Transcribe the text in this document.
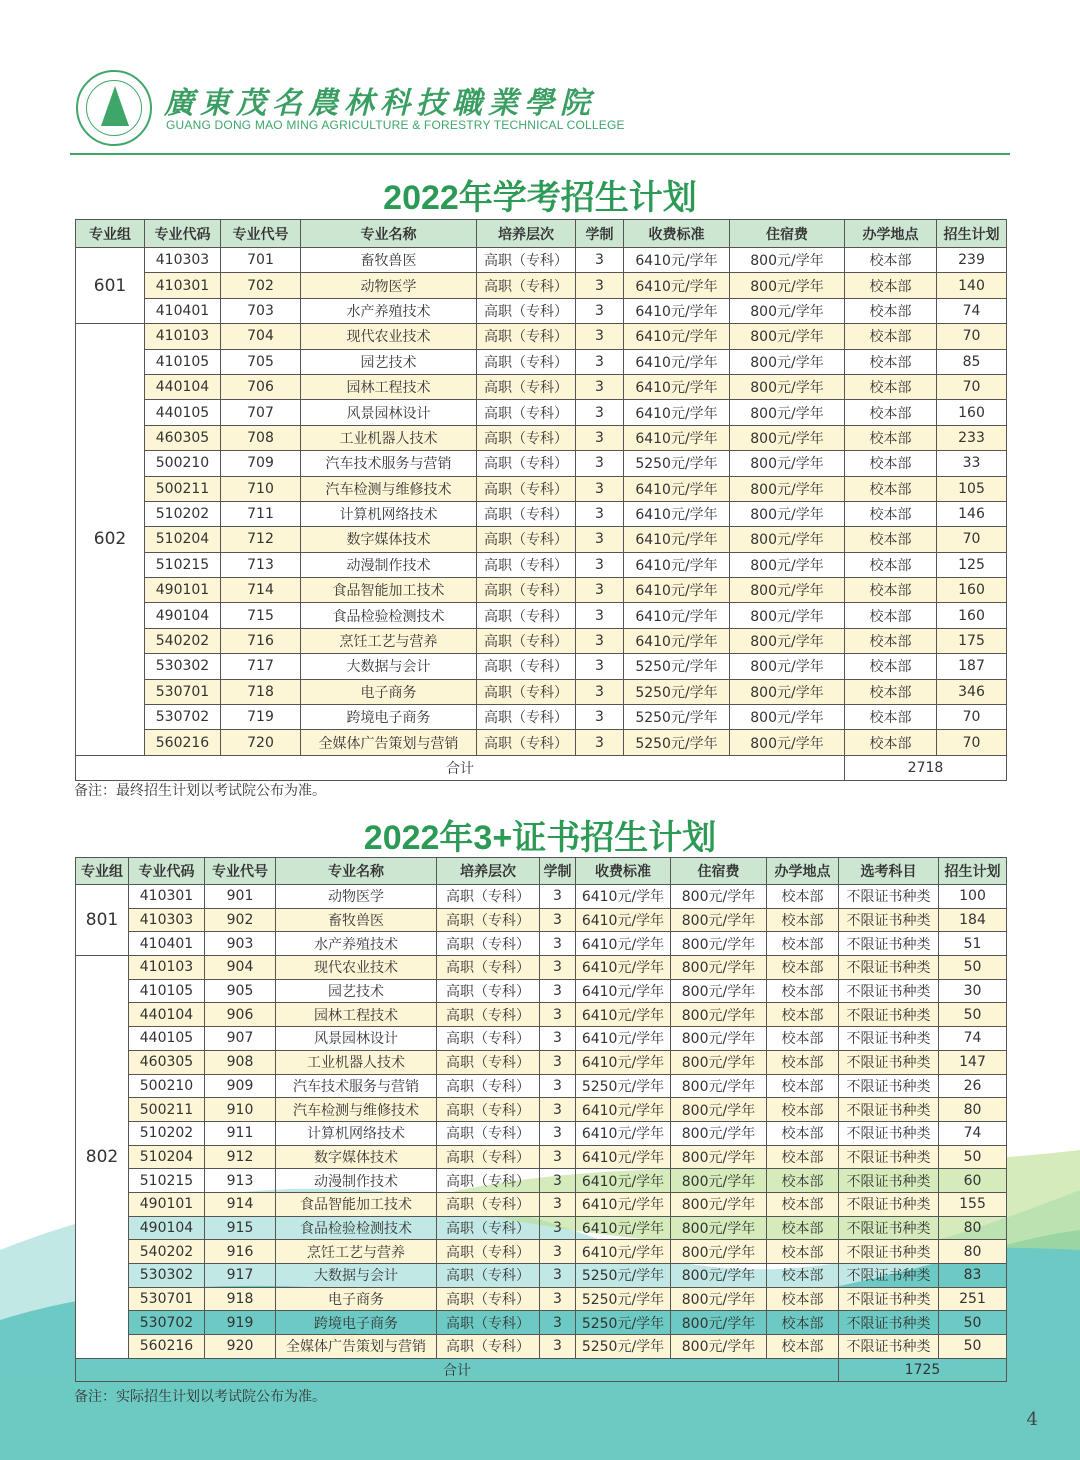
廣東茂名農林科技職業學院
GUANG DONG MAO MING AGRICULTURE & FORESTRY TECHNICAL COLLEGE
2022年学考招生计划
专业组	专业代码	专业代号	专业名称	培养层次	学制	收费标准	住宿费	办学地点	招生计划
601	410303	701	畜牧兽医	高职（专科）	3	6410元/学年	800元/学年	校本部	239
	410301	702	动物医学	高职（专科）	3	6410元/学年	800元/学年	校本部	140
	410401	703	水产养殖技术	高职（专科）	3	6410元/学年	800元/学年	校本部	74
602	410103	704	现代农业技术	高职（专科）	3	6410元/学年	800元/学年	校本部	70
	410105	705	园艺技术	高职（专科）	3	6410元/学年	800元/学年	校本部	85
	440104	706	园林工程技术	高职（专科）	3	6410元/学年	800元/学年	校本部	70
	440105	707	风景园林设计	高职（专科）	3	6410元/学年	800元/学年	校本部	160
	460305	708	工业机器人技术	高职（专科）	3	6410元/学年	800元/学年	校本部	233
	500210	709	汽车技术服务与营销	高职（专科）	3	5250元/学年	800元/学年	校本部	33
	500211	710	汽车检测与维修技术	高职（专科）	3	6410元/学年	800元/学年	校本部	105
	510202	711	计算机网络技术	高职（专科）	3	6410元/学年	800元/学年	校本部	146
	510204	712	数字媒体技术	高职（专科）	3	6410元/学年	800元/学年	校本部	70
	510215	713	动漫制作技术	高职（专科）	3	6410元/学年	800元/学年	校本部	125
	490101	714	食品智能加工技术	高职（专科）	3	6410元/学年	800元/学年	校本部	160
	490104	715	食品检验检测技术	高职（专科）	3	6410元/学年	800元/学年	校本部	160
	540202	716	烹饪工艺与营养	高职（专科）	3	6410元/学年	800元/学年	校本部	175
	530302	717	大数据与会计	高职（专科）	3	5250元/学年	800元/学年	校本部	187
	530701	718	电子商务	高职（专科）	3	5250元/学年	800元/学年	校本部	346
	530702	719	跨境电子商务	高职（专科）	3	5250元/学年	800元/学年	校本部	70
	560216	720	全媒体广告策划与营销	高职（专科）	3	5250元/学年	800元/学年	校本部	70
合计								2718	
备注：最终招生计划以考试院公布为准。
2022年3+证书招生计划
专业组	专业代码	专业代号	专业名称	培养层次	学制	收费标准	住宿费	办学地点	选考科目	招生计划
801	410301	901	动物医学	高职（专科）	3	6410元/学年	800元/学年	校本部	不限证书种类	100
	410303	902	畜牧兽医	高职（专科）	3	6410元/学年	800元/学年	校本部	不限证书种类	184
	410401	903	水产养殖技术	高职（专科）	3	6410元/学年	800元/学年	校本部	不限证书种类	51
802	410103	904	现代农业技术	高职（专科）	3	6410元/学年	800元/学年	校本部	不限证书种类	50
	410105	905	园艺技术	高职（专科）	3	6410元/学年	800元/学年	校本部	不限证书种类	30
	440104	906	园林工程技术	高职（专科）	3	6410元/学年	800元/学年	校本部	不限证书种类	50
	440105	907	风景园林设计	高职（专科）	3	6410元/学年	800元/学年	校本部	不限证书种类	74
	460305	908	工业机器人技术	高职（专科）	3	6410元/学年	800元/学年	校本部	不限证书种类	147
	500210	909	汽车技术服务与营销	高职（专科）	3	5250元/学年	800元/学年	校本部	不限证书种类	26
	500211	910	汽车检测与维修技术	高职（专科）	3	6410元/学年	800元/学年	校本部	不限证书种类	80
	510202	911	计算机网络技术	高职（专科）	3	6410元/学年	800元/学年	校本部	不限证书种类	74
	510204	912	数字媒体技术	高职（专科）	3	6410元/学年	800元/学年	校本部	不限证书种类	50
	510215	913	动漫制作技术	高职（专科）	3	6410元/学年	800元/学年	校本部	不限证书种类	60
	490101	914	食品智能加工技术	高职（专科）	3	6410元/学年	800元/学年	校本部	不限证书种类	155
	490104	915	食品检验检测技术	高职（专科）	3	6410元/学年	800元/学年	校本部	不限证书种类	80
	540202	916	烹饪工艺与营养	高职（专科）	3	6410元/学年	800元/学年	校本部	不限证书种类	80
	530302	917	大数据与会计	高职（专科）	3	5250元/学年	800元/学年	校本部	不限证书种类	83
	530701	918	电子商务	高职（专科）	3	5250元/学年	800元/学年	校本部	不限证书种类	251
	530702	919	跨境电子商务	高职（专科）	3	5250元/学年	800元/学年	校本部	不限证书种类	50
	560216	920	全媒体广告策划与营销	高职（专科）	3	5250元/学年	800元/学年	校本部	不限证书种类	50
合计									1725	
备注：实际招生计划以考试院公布为准。
4
